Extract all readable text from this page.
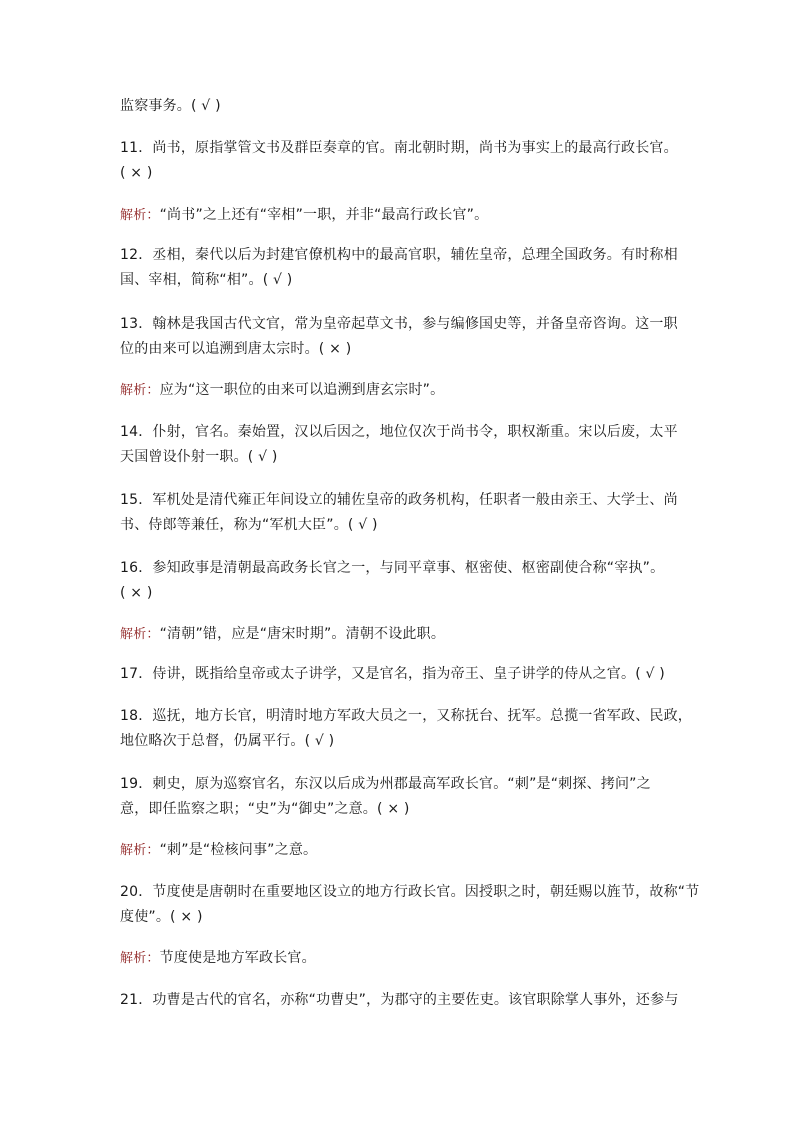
监察事务。( √ )
11．尚书，原指掌管文书及群臣奏章的官。南北朝时期，尚书为事实上的最高行政长官。
( × )
解析：“尚书”之上还有“宰相”一职，并非“最高行政长官”。
12．丞相，秦代以后为封建官僚机构中的最高官职，辅佐皇帝，总理全国政务。有时称相
国、宰相，简称“相”。( √ )
13．翰林是我国古代文官，常为皇帝起草文书，参与编修国史等，并备皇帝咨询。这一职
位的由来可以追溯到唐太宗时。( × )
解析：应为“这一职位的由来可以追溯到唐玄宗时”。
14．仆射，官名。秦始置，汉以后因之，地位仅次于尚书令，职权渐重。宋以后废，太平
天国曾设仆射一职。( √ )
15．军机处是清代雍正年间设立的辅佐皇帝的政务机构，任职者一般由亲王、大学士、尚
书、侍郎等兼任，称为“军机大臣”。( √ )
16．参知政事是清朝最高政务长官之一，与同平章事、枢密使、枢密副使合称“宰执”。
( × )
解析：“清朝”错，应是“唐宋时期”。清朝不设此职。
17．侍讲，既指给皇帝或太子讲学，又是官名，指为帝王、皇子讲学的侍从之官。( √ )
18．巡抚，地方长官，明清时地方军政大员之一，又称抚台、抚军。总揽一省军政、民政，
地位略次于总督，仍属平行。( √ )
19．刺史，原为巡察官名，东汉以后成为州郡最高军政长官。“刺”是“刺探、拷问”之
意，即任监察之职；“史”为“御史”之意。( × )
解析：“刺”是“检核问事”之意。
20．节度使是唐朝时在重要地区设立的地方行政长官。因授职之时，朝廷赐以旌节，故称“节
度使”。( × )
解析：节度使是地方军政长官。
21．功曹是古代的官名，亦称“功曹史”，为郡守的主要佐吏。该官职除掌人事外，还参与
